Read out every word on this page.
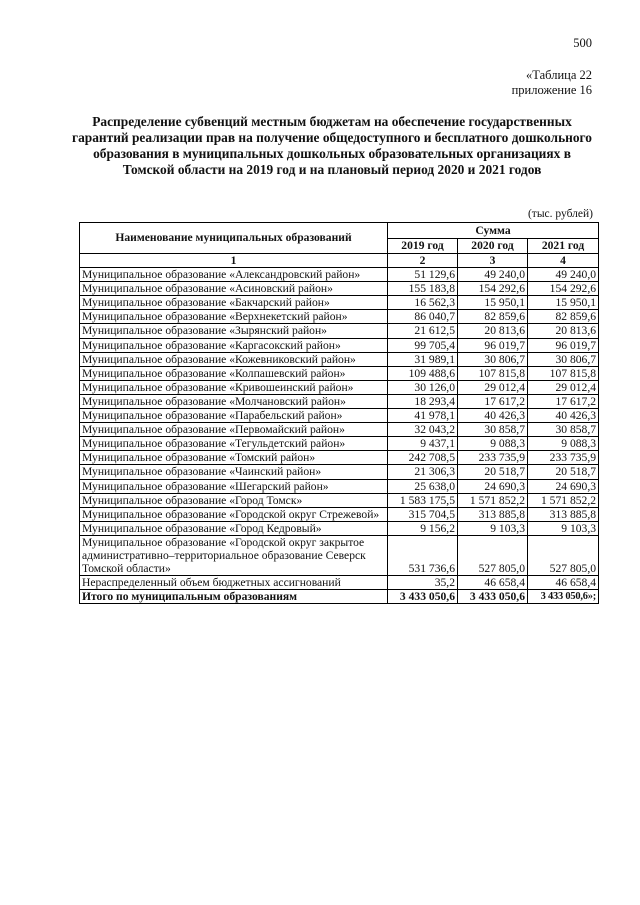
500
«Таблица 22
приложение 16
Распределение субвенций местным бюджетам на обеспечение государственных гарантий реализации прав на получение общедоступного и бесплатного дошкольного образования в муниципальных дошкольных образовательных организациях в Томской области на 2019 год и на плановый период 2020 и 2021 годов
(тыс. рублей)
Наименование муниципальных образований	Сумма		
	2019 год	2020 год	2021 год
1	2	3	4
Муниципальное образование «Александровский район»	51 129,6	49 240,0	49 240,0
Муниципальное образование «Асиновский район»	155 183,8	154 292,6	154 292,6
Муниципальное образование «Бакчарский район»	16 562,3	15 950,1	15 950,1
Муниципальное образование «Верхнекетский район»	86 040,7	82 859,6	82 859,6
Муниципальное образование «Зырянский район»	21 612,5	20 813,6	20 813,6
Муниципальное образование «Каргасокский район»	99 705,4	96 019,7	96 019,7
Муниципальное образование «Кожевниковский район»	31 989,1	30 806,7	30 806,7
Муниципальное образование «Колпашевский район»	109 488,6	107 815,8	107 815,8
Муниципальное образование «Кривошеинский район»	30 126,0	29 012,4	29 012,4
Муниципальное образование «Молчановский район»	18 293,4	17 617,2	17 617,2
Муниципальное образование «Парабельский район»	41 978,1	40 426,3	40 426,3
Муниципальное образование «Первомайский район»	32 043,2	30 858,7	30 858,7
Муниципальное образование «Тегульдетский район»	9 437,1	9 088,3	9 088,3
Муниципальное образование «Томский район»	242 708,5	233 735,9	233 735,9
Муниципальное образование «Чаинский район»	21 306,3	20 518,7	20 518,7
Муниципальное образование «Шегарский район»	25 638,0	24 690,3	24 690,3
Муниципальное образование «Город Томск»	1 583 175,5	1 571 852,2	1 571 852,2
Муниципальное образование «Городской округ Стрежевой»	315 704,5	313 885,8	313 885,8
Муниципальное образование «Город Кедровый»	9 156,2	9 103,3	9 103,3
Муниципальное образование «Городской округ закрытое административно–территориальное образование Северск Томской области»	531 736,6	527 805,0	527 805,0
Нераспределенный объем бюджетных ассигнований	35,2	46 658,4	46 658,4
Итого по муниципальным образованиям	3 433 050,6	3 433 050,6	3 433 050,6»;
